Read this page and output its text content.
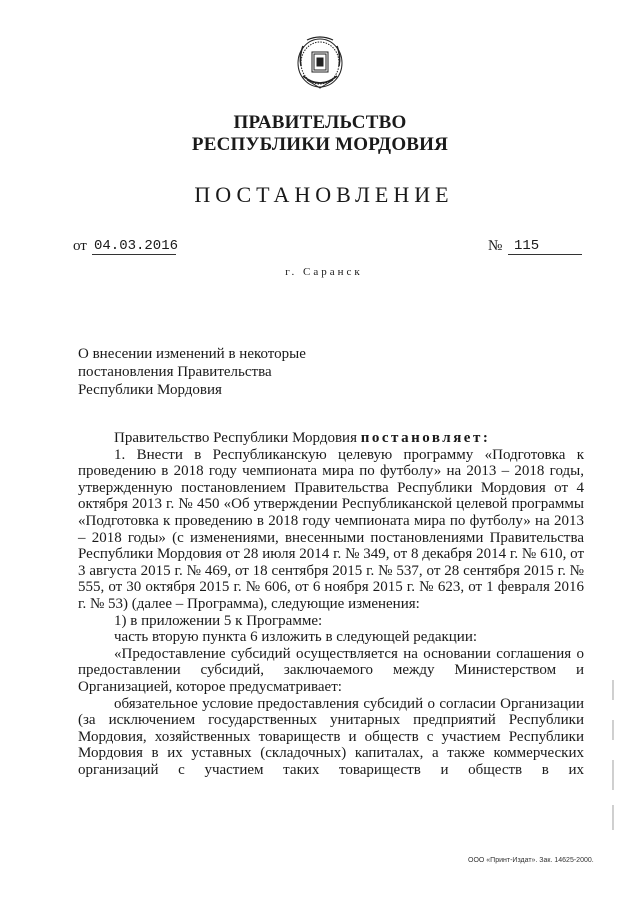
ПРАВИТЕЛЬСТВО
РЕСПУБЛИКИ МОРДОВИЯ
ПОСТАНОВЛЕНИЕ
от 04.03.2016	№ 115
г. Саранск
О внесении изменений в некоторые
постановления Правительства
Республики Мордовия

Правительство Республики Мордовия постановляет:

1. Внести в Республиканскую целевую программу «Подготовка к проведению в 2018 году чемпионата мира по футболу» на 2013 – 2018 годы, утвержденную постановлением Правительства Республики Мордовия от 4 октября 2013 г. № 450 «Об утверждении Республиканской целевой программы «Подготовка к проведению в 2018 году чемпионата мира по футболу» на 2013 – 2018 годы» (с изменениями, внесенными постановлениями Правительства Республики Мордовия от 28 июля 2014 г. № 349, от 8 декабря 2014 г. № 610, от 3 августа 2015 г. № 469, от 18 сентября 2015 г. № 537, от 28 сентября 2015 г. № 555, от 30 октября 2015 г. № 606, от 6 ноября 2015 г. № 623, от 1 февраля 2016 г. № 53) (далее – Программа), следующие изменения:

1) в приложении 5 к Программе:

часть вторую пункта 6 изложить в следующей редакции:

«Предоставление субсидий осуществляется на основании соглашения о предоставлении субсидий, заключаемого между Министерством и Организацией, которое предусматривает:

обязательное условие предоставления субсидий о согласии Организации (за исключением государственных унитарных предприятий Республики Мордовия, хозяйственных товариществ и обществ с участием Республики Мордовия в их уставных (складочных) капиталах, а также коммерческих организаций с участием таких товариществ и обществ в их

ООО «Принт-Издат». Зак. 14625-2000.
